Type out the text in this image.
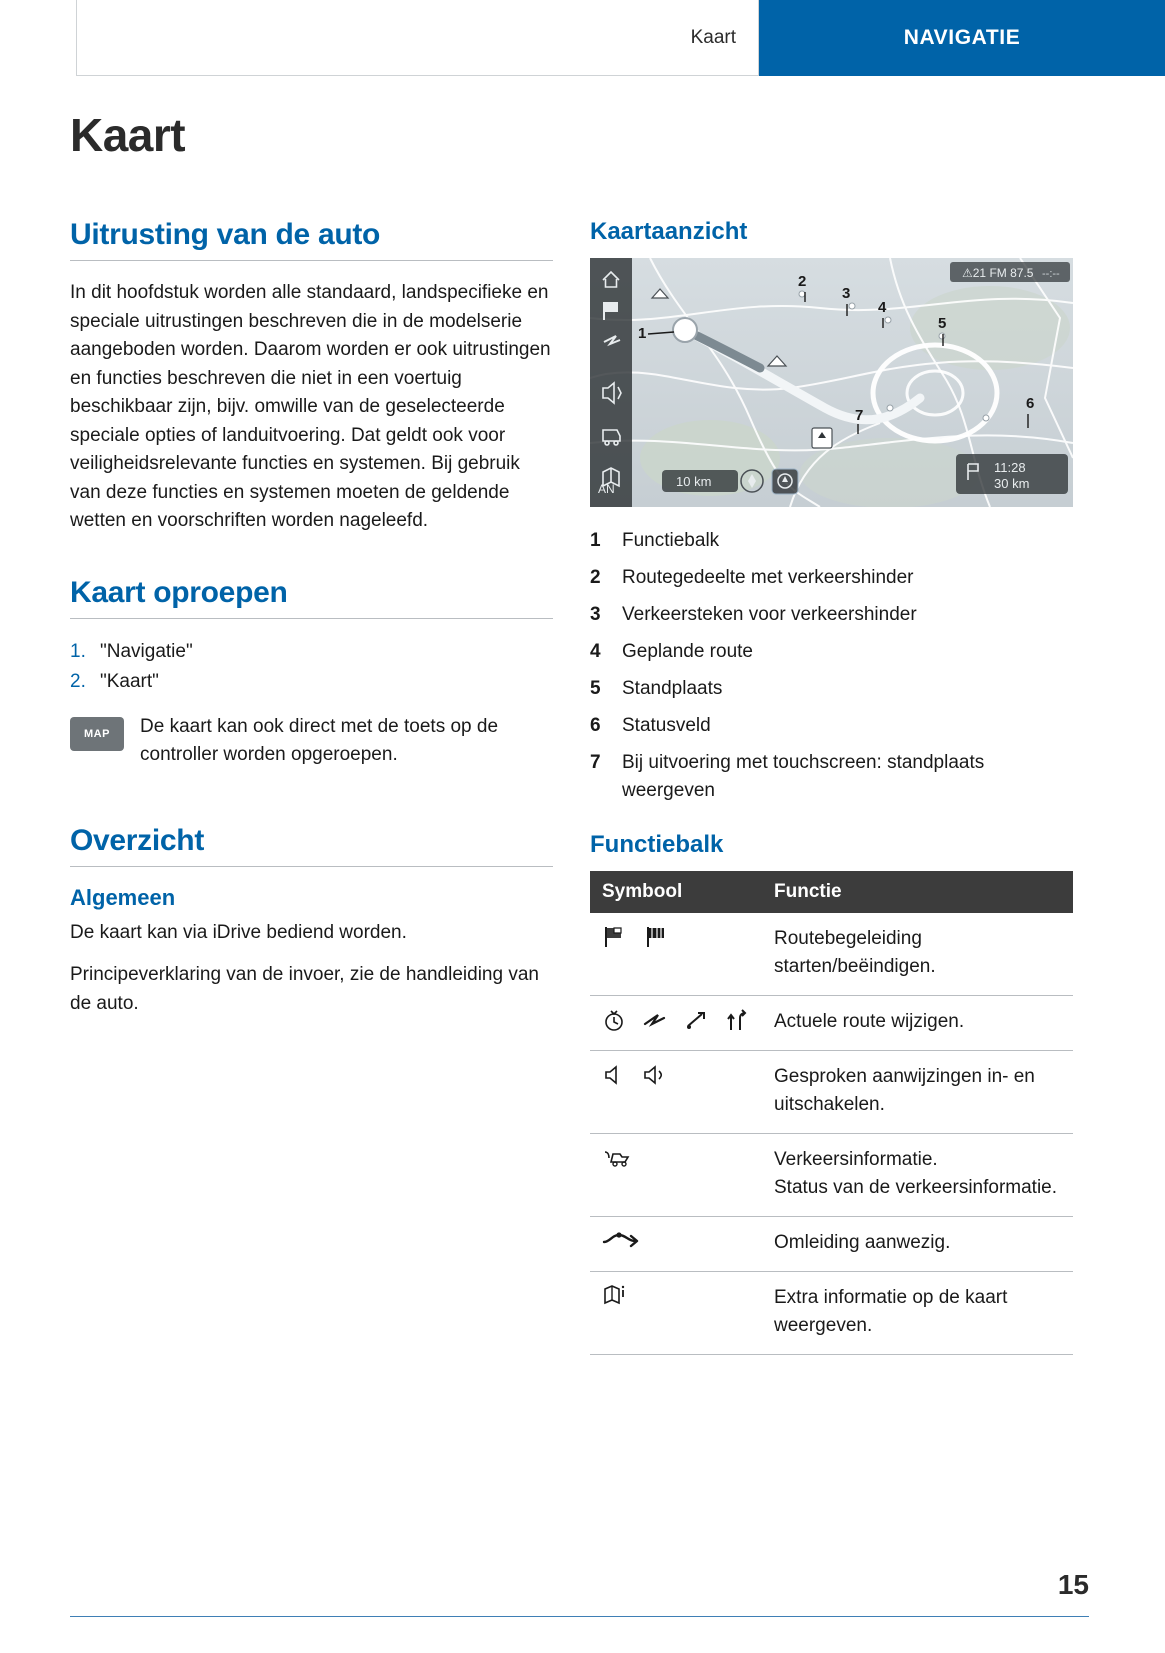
Kaart	NAVIGATIE
Kaart
Uitrusting van de auto

In dit hoofdstuk worden alle standaard, landspecifieke en speciale uitrustingen beschreven die in de modelserie aangeboden worden. Daarom worden er ook uitrustingen en functies beschreven die niet in een voertuig beschikbaar zijn, bijv. omwille van de geselecteerde speciale opties of landuitvoering. Dat geldt ook voor veiligheidsrelevante functies en systemen. Bij gebruik van deze functies en systemen moeten de geldende wetten en voorschriften worden nageleefd.

Kaart oproepen
1. "Navigatie"
2. "Kaart"
MAP	De kaart kan ook direct met de toets op de controller worden opgeroepen.
Overzicht
Algemeen

De kaart kan via iDrive bediend worden.

Principeverklaring van de invoer, zie de handleiding van de auto.

Kaartaanzicht
AN
⚠21 FM 87.5 --:--
10 km
11:28
30 km
1
2
3
4
5
6
7
1	Functiebalk
2	Routegedeelte met verkeershinder
3	Verkeersteken voor verkeershinder
4	Geplande route
5	Standplaats
6	Statusveld
7	Bij uitvoering met touchscreen: standplaats weergeven
Functiebalk
Symbool	Functie

	Routebegeleiding starten/beëindigen.

	Actuele route wijzigen.

	Gesproken aanwijzingen in- en uitschakelen.

Verkeersinformatie.
Status van de verkeersinformatie.

	Omleiding aanwezig.

	Extra informatie op de kaart weergeven.
15
